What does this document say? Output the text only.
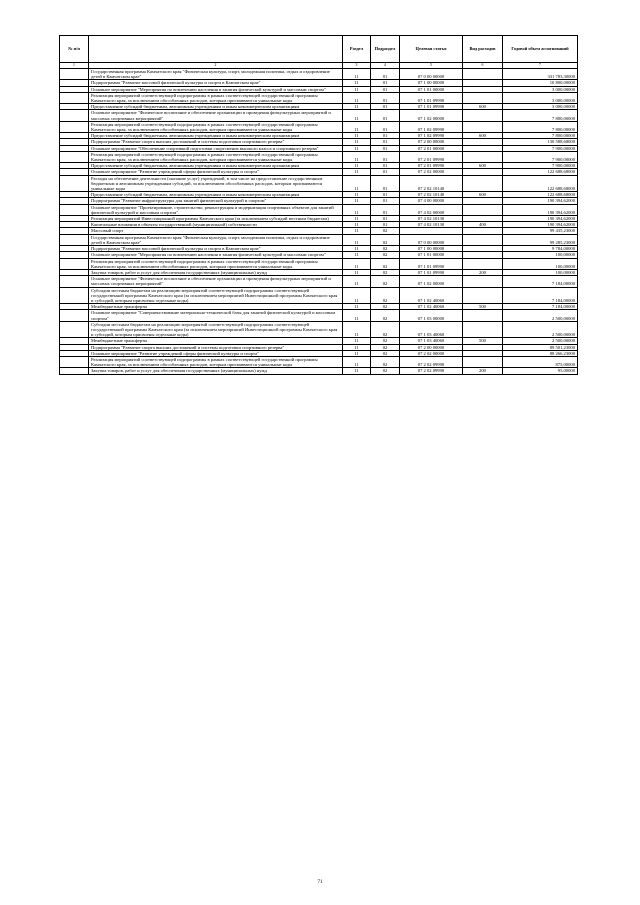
№ п/п		Раздел	Подраздел	Целевая статья	Вид расходов	Годовой объем ассигнований
1	2	3	4	5	6	7
	Государственная программа Камчатского края "Физическая культура, спорт, молодежная политика, отдых и оздоровление детей в Камчатском крае"	11	01	07 0 00 00000		331 783,30000
	Подпрограмма "Развитие массовой физической культуры и спорта в Камчатском крае"	11	01	07 1 00 00000		10 800,00000
	Основное мероприятие "Мероприятия по вовлечению населения в занятия физической культурой и массовым спортом"	11	01	07 1 01 00000		3 000,00000
	Реализация мероприятий соответствующей подпрограммы в рамках соответствующей государственной программы Камчатского края, за исключением обособленных расходов, которым присваиваются уникальные коды	11	01	07 1 01 09990		3 000,00000
	Предоставление субсидий бюджетным, автономным учреждениям и иным некоммерческим организациям	11	01	07 1 01 09990	600	3 000,00000
	Основное мероприятие "Физическое воспитание и обеспечение организации и проведения физкультурных мероприятий и массовых спортивных мероприятий"	11	01	07 1 02 00000		7 800,00000
	Реализация мероприятий соответствующей подпрограммы в рамках соответствующей государственной программы Камчатского края, за исключением обособленных расходов, которым присваиваются уникальные коды	11	01	07 1 02 09990		7 800,00000
	Предоставление субсидий бюджетным, автономным учреждениям и иным некоммерческим организациям	11	01	07 1 02 09990	600	7 800,00000
	Подпрограмма "Развитие спорта высших достижений и системы подготовки спортивного резерва"	11	01	07 2 00 00000		130 588,68000
	Основное мероприятие "Обеспечение спортивной подготовки спортсменов высокого класса и спортивного резерва"	11	01	07 2 01 00000		7 900,00000
	Реализация мероприятий соответствующей подпрограммы в рамках соответствующей государственной программы Камчатского края, за исключением обособленных расходов, которым присваиваются уникальные коды	11	01	07 2 01 09990		7 900,00000
	Предоставление субсидий бюджетным, автономным учреждениям и иным некоммерческим организациям	11	01	07 2 01 09990	600	7 900,00000
	Основное мероприятие "Развитие учреждений сферы физической культуры и спорта"	11	01	07 2 02 00000		122 688,68000
	Расходы на обеспечение деятельности (оказание услуг) учреждений, в том числе на предоставление государственным бюджетным и автономным учреждениям субсидий, за исключением обособленных расходов, которым присваиваются уникальные коды	11	01	07 2 02 10140		122 688,68000
	Предоставление субсидий бюджетным, автономным учреждениям и иным некоммерческим организациям	11	01	07 2 02 10140	600	122 688,68000
	Подпрограмма "Развитие инфраструктуры для занятий физической культурой и спортом"	11	01	07 4 00 00000		190 394,62000
	Основное мероприятие "Проектирование, строительство, реконструкция и модернизация спортивных объектов для занятий физической культурой и массовым спортом"	11	01	07 4 02 00000		190 394,62000
	Реализация мероприятий Инвестиционной программы Камчатского края (за исключением субсидий местным бюджетам)	11	01	07 4 02 10130		190 394,62000
	Капитальные вложения в объекты государственной (муниципальной) собственности	11	01	07 4 02 10130	400	190 394,62000
	Массовый спорт	11	02			99 435,23000
	Государственная программа Камчатского края "Физическая культура, спорт, молодежная политика, отдых и оздоровление детей в Камчатском крае"	11	02	07 0 00 00000		99 285,23000
	Подпрограмма "Развитие массовой физической культуры и спорта в Камчатском крае"	11	02	07 1 00 00000		9 784,00000
	Основное мероприятие "Мероприятия по вовлечению населения в занятия физической культурой и массовым спортом"	11	02	07 1 01 00000		100,00000
	Реализация мероприятий соответствующей подпрограммы в рамках соответствующей государственной программы Камчатского края, за исключением обособленных расходов, которым присваиваются уникальные коды	11	02	07 1 01 09990		100,00000
	Закупка товаров, работ и услуг для обеспечения государственных (муниципальных) нужд	11	02	07 1 01 09990	200	100,00000
	Основное мероприятие "Физическое воспитание и обеспечение организации и проведения физкультурных мероприятий и массовых спортивных мероприятий"	11	02	07 1 02 00000		7 184,00000
	Субсидии местным бюджетам на реализацию мероприятий соответствующей подпрограммы соответствующей государственной программы Камчатского края (за исключением мероприятий Инвестиционной программы Камчатского края и субсидий, которым присвоены отдельные коды)	11	02	07 1 02 40060		7 184,00000
	Межбюджетные трансферты	11	02	07 1 02 40060	500	7 184,00000
	Основное мероприятие "Совершенствование материально-технической базы для занятий физической культурой и массовым спортом"	11	02	07 1 03 00000		2 500,00000
	Субсидии местным бюджетам на реализацию мероприятий соответствующей подпрограммы соответствующей государственной программы Камчатского края (за исключением мероприятий Инвестиционной программы Камчатского края и субсидий, которым присвоены отдельные коды)	11	02	07 1 03 40060		2 500,00000
	Межбюджетные трансферты	11	02	07 1 03 40060	500	2 500,00000
	Подпрограмма "Развитие спорта высших достижений и системы подготовки спортивного резерва"	11	02	07 2 00 00000		89 501,23000
	Основное мероприятие "Развитие учреждений сферы физической культуры и спорта"	11	02	07 2 02 00000		88 266,23000
	Реализация мероприятий соответствующей подпрограммы в рамках соответствующей государственной программы Камчатского края, за исключением обособленных расходов, которым присваиваются уникальные коды	11	02	07 2 02 09990		875,00000
	Закупка товаров, работ и услуг для обеспечения государственных (муниципальных) нужд	11	02	07 2 02 09990	200	95,00000
71
